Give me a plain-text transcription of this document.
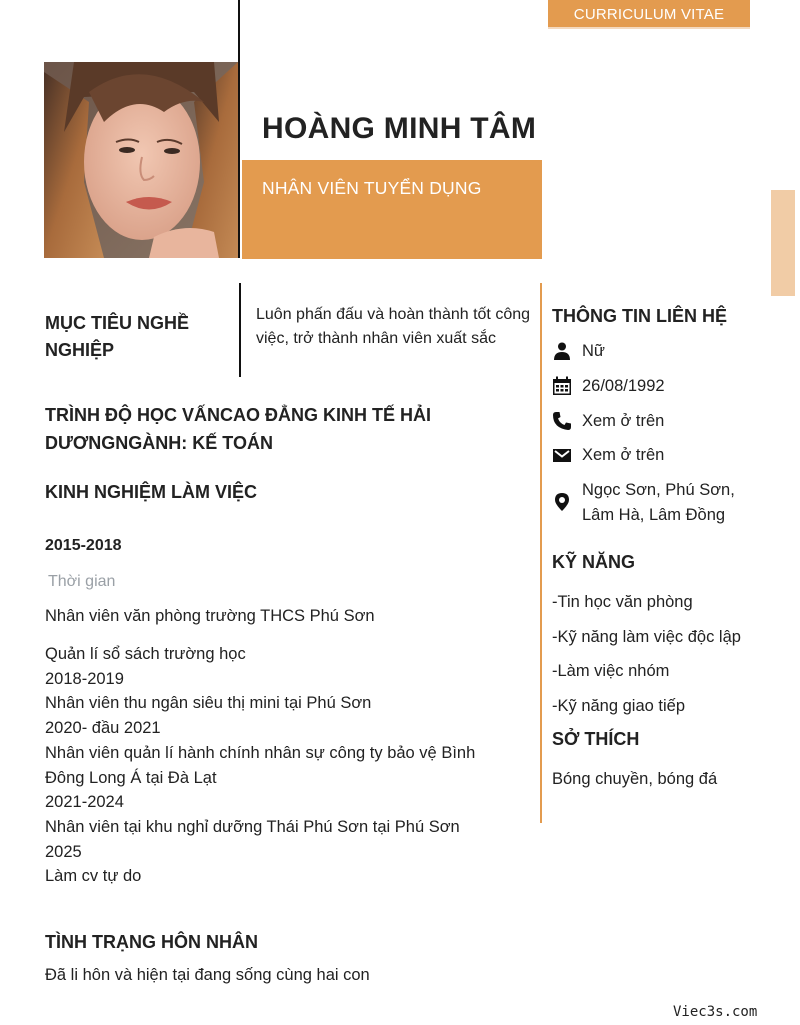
CURRICULUM VITAE
HOÀNG MINH TÂM
NHÂN VIÊN TUYỂN DỤNG
MỤC TIÊU NGHỀ NGHIỆP
Luôn phấn đấu và hoàn thành tốt công việc, trở thành nhân viên xuất sắc
TRÌNH ĐỘ HỌC VẤNCAO ĐẲNG KINH TẾ HẢI DƯƠNGNGÀNH: KẾ TOÁN
KINH NGHIỆM LÀM VIỆC
2015-2018
Thời gian
Nhân viên văn phòng trường THCS Phú Sơn
Quản lí sổ sách trường học
2018-2019
Nhân viên thu ngân siêu thị mini tại Phú Sơn
2020- đầu 2021
Nhân viên quản lí hành chính nhân sự công ty bảo vệ Bình
Đông Long Á tại Đà Lạt
2021-2024
Nhân viên tại khu nghỉ dưỡng Thái Phú Sơn tại Phú Sơn
2025
Làm cv tự do
TÌNH TRẠNG HÔN NHÂN
Đã li hôn và hiện tại đang sống cùng hai con
THÔNG TIN LIÊN HỆ
Nữ
26/08/1992
Xem ở trên
Xem ở trên
Ngọc Sơn, Phú Sơn, Lâm Hà, Lâm Đồng
KỸ NĂNG
-Tin học văn phòng
-Kỹ năng làm việc độc lập
-Làm việc nhóm
-Kỹ năng giao tiếp
SỞ THÍCH
Bóng chuyền, bóng đá
Viec3s.com
